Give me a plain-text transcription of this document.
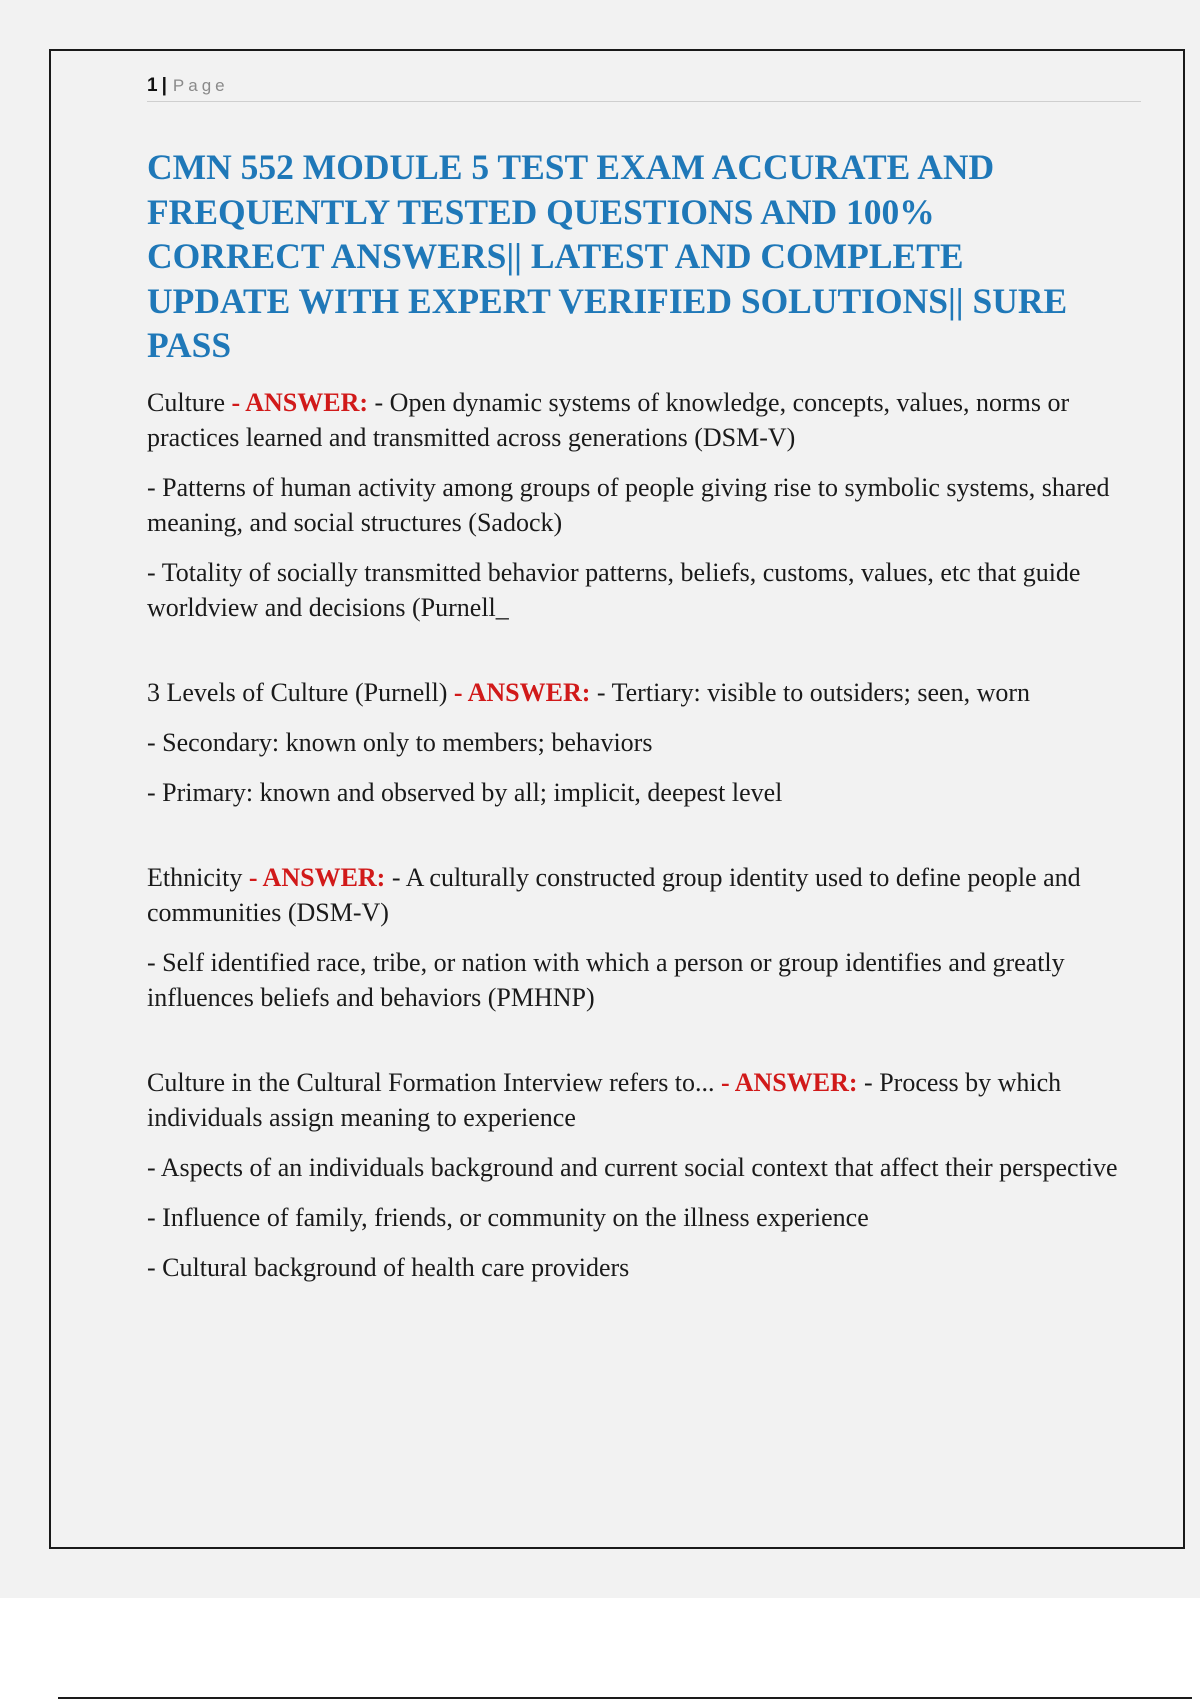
1 | Page
CMN 552 MODULE 5 TEST EXAM ACCURATE AND FREQUENTLY TESTED QUESTIONS AND 100% CORRECT ANSWERS|| LATEST AND COMPLETE UPDATE WITH EXPERT VERIFIED SOLUTIONS|| SURE PASS

Culture - ANSWER: - Open dynamic systems of knowledge, concepts, values, norms or practices learned and transmitted across generations (DSM-V)

- Patterns of human activity among groups of people giving rise to symbolic systems, shared meaning, and social structures (Sadock)

- Totality of socially transmitted behavior patterns, beliefs, customs, values, etc that guide worldview and decisions (Purnell_

3 Levels of Culture (Purnell) - ANSWER: - Tertiary: visible to outsiders; seen, worn

- Secondary: known only to members; behaviors

- Primary: known and observed by all; implicit, deepest level

Ethnicity - ANSWER: - A culturally constructed group identity used to define people and communities (DSM-V)

- Self identified race, tribe, or nation with which a person or group identifies and greatly influences beliefs and behaviors (PMHNP)

Culture in the Cultural Formation Interview refers to... - ANSWER: - Process by which individuals assign meaning to experience

- Aspects of an individuals background and current social context that affect their perspective

- Influence of family, friends, or community on the illness experience

- Cultural background of health care providers
